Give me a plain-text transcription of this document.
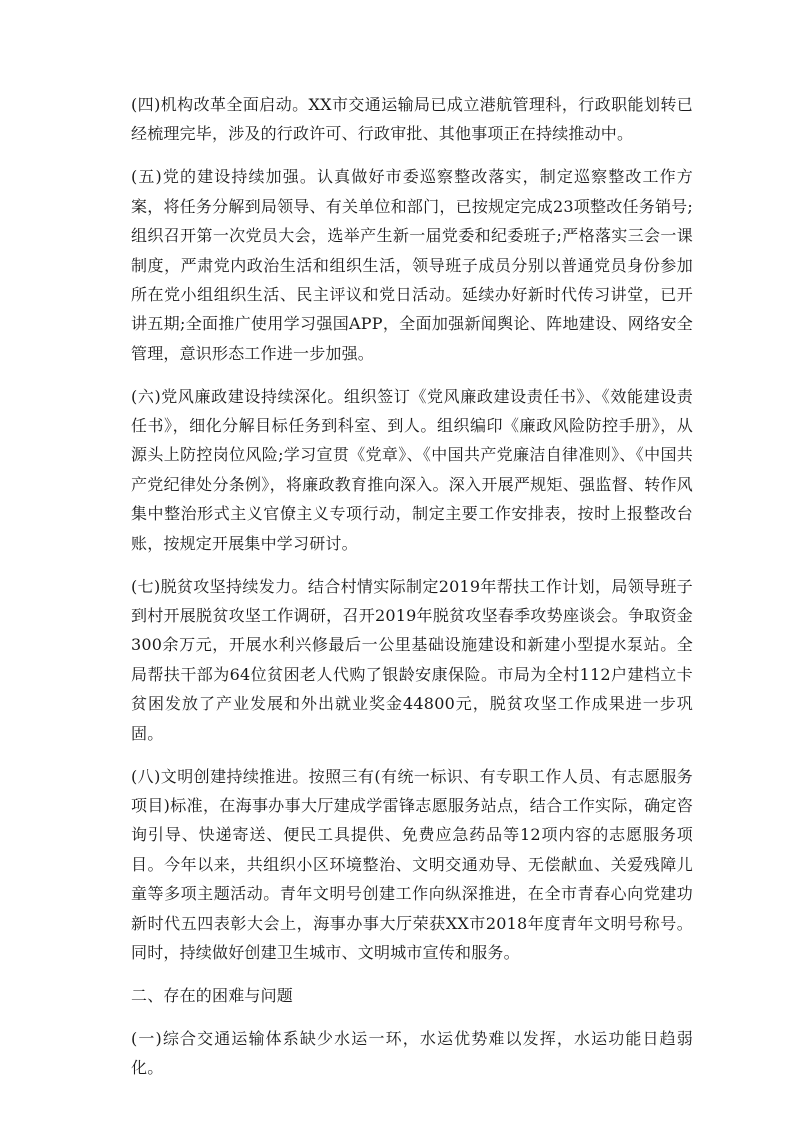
(四)机构改革全面启动。XX市交通运输局已成立港航管理科，行政职能划转已经梳理完毕，涉及的行政许可、行政审批、其他事项正在持续推动中。

(五)党的建设持续加强。认真做好市委巡察整改落实，制定巡察整改工作方案，将任务分解到局领导、有关单位和部门，已按规定完成23项整改任务销号;组织召开第一次党员大会，选举产生新一届党委和纪委班子;严格落实三会一课制度，严肃党内政治生活和组织生活，领导班子成员分别以普通党员身份参加所在党小组组织生活、民主评议和党日活动。延续办好新时代传习讲堂，已开讲五期;全面推广使用学习强国APP，全面加强新闻舆论、阵地建设、网络安全管理，意识形态工作进一步加强。

(六)党风廉政建设持续深化。组织签订《党风廉政建设责任书》、《效能建设责任书》，细化分解目标任务到科室、到人。组织编印《廉政风险防控手册》，从源头上防控岗位风险;学习宣贯《党章》、《中国共产党廉洁自律准则》、《中国共产党纪律处分条例》，将廉政教育推向深入。深入开展严规矩、强监督、转作风集中整治形式主义官僚主义专项行动，制定主要工作安排表，按时上报整改台账，按规定开展集中学习研讨。

(七)脱贫攻坚持续发力。结合村情实际制定2019年帮扶工作计划，局领导班子到村开展脱贫攻坚工作调研，召开2019年脱贫攻坚春季攻势座谈会。争取资金300余万元，开展水利兴修最后一公里基础设施建设和新建小型提水泵站。全局帮扶干部为64位贫困老人代购了银龄安康保险。市局为全村112户建档立卡贫困发放了产业发展和外出就业奖金44800元，脱贫攻坚工作成果进一步巩固。

(八)文明创建持续推进。按照三有(有统一标识、有专职工作人员、有志愿服务项目)标准，在海事办事大厅建成学雷锋志愿服务站点，结合工作实际，确定咨询引导、快递寄送、便民工具提供、免费应急药品等12项内容的志愿服务项目。今年以来，共组织小区环境整治、文明交通劝导、无偿献血、关爱残障儿童等多项主题活动。青年文明号创建工作向纵深推进，在全市青春心向党建功新时代五四表彰大会上，海事办事大厅荣获XX市2018年度青年文明号称号。同时，持续做好创建卫生城市、文明城市宣传和服务。

二、存在的困难与问题

(一)综合交通运输体系缺少水运一环，水运优势难以发挥，水运功能日趋弱化。
